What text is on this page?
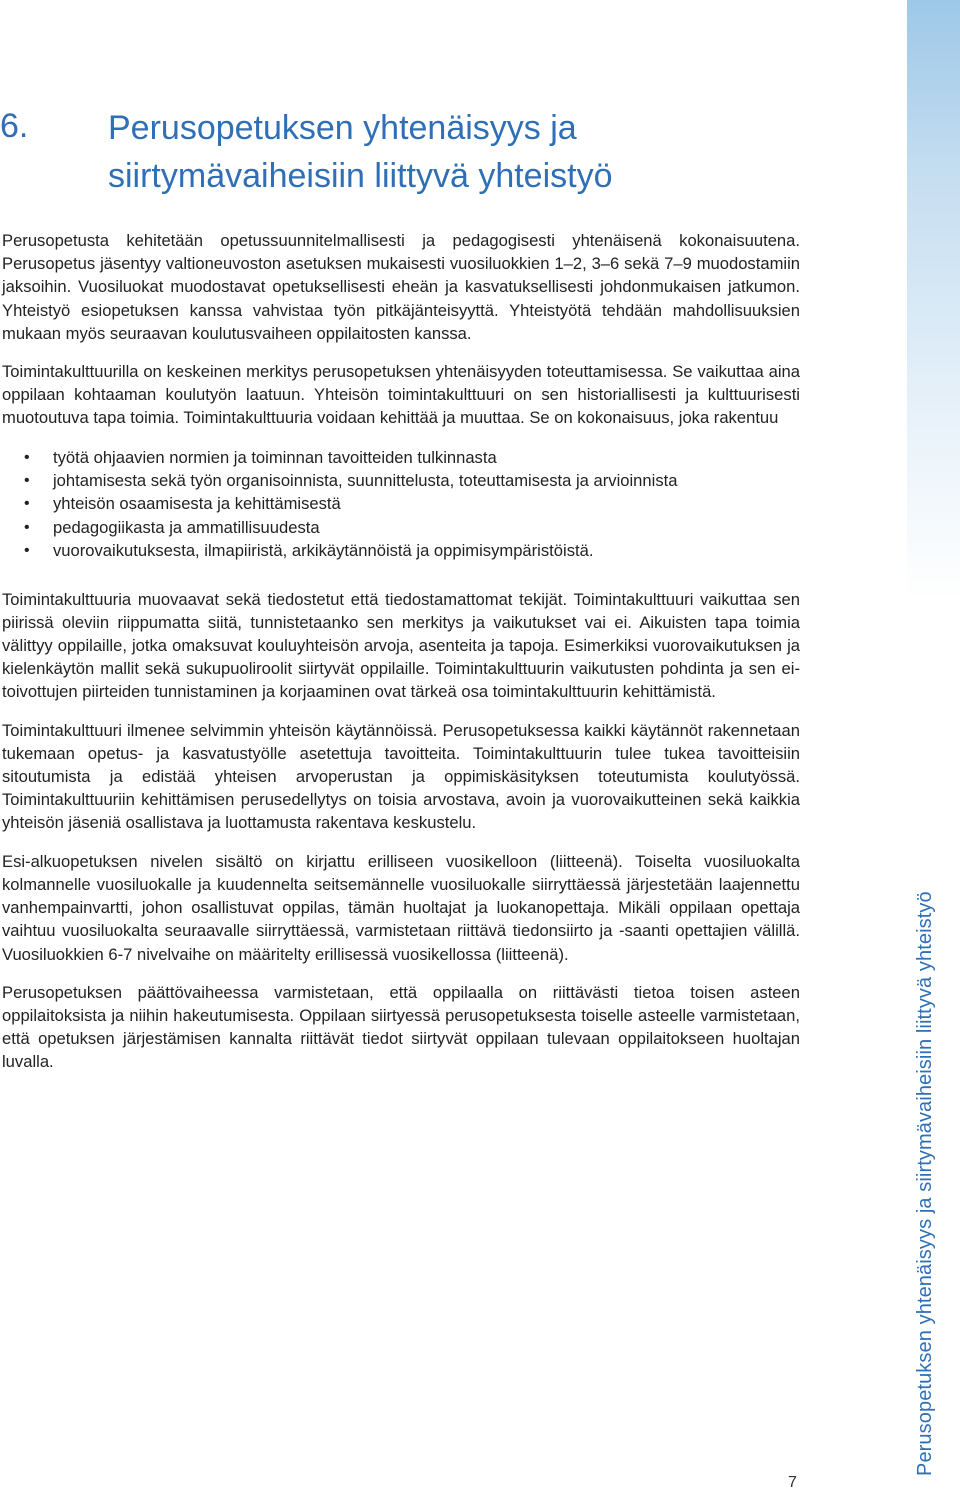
Perusopetuksen yhtenäisyys ja siirtymävaiheisiin liittyvä yhteistyö
6. Perusopetuksen yhtenäisyys ja
siirtymävaiheisiin liittyvä yhteistyö

Perusopetusta kehitetään opetussuunnitelmallisesti ja pedagogisesti yhtenäisenä kokonaisuutena. Perusopetus jäsentyy valtioneuvoston asetuksen mukaisesti vuosiluokkien 1–2, 3–6 sekä 7–9 muodostamiin jaksoihin. Vuosiluokat muodostavat opetuksellisesti eheän ja kasvatuksellisesti johdonmukaisen jatkumon. Yhteistyö esiopetuksen kanssa vahvistaa työn pitkäjänteisyyttä. Yhteistyötä tehdään mahdollisuuksien mukaan myös seuraavan koulutusvaiheen oppilaitosten kanssa.

Toimintakulttuurilla on keskeinen merkitys perusopetuksen yhtenäisyyden toteuttamisessa. Se vaikuttaa aina oppilaan kohtaaman koulutyön laatuun. Yhteisön toimintakulttuuri on sen historiallisesti ja kulttuurisesti muotoutuva tapa toimia. Toimintakulttuuria voidaan kehittää ja muuttaa. Se on kokonaisuus, joka rakentuu

• työtä ohjaavien normien ja toiminnan tavoitteiden tulkinnasta
• johtamisesta sekä työn organisoinnista, suunnittelusta, toteuttamisesta ja arvioinnista
• yhteisön osaamisesta ja kehittämisestä
• pedagogiikasta ja ammatillisuudesta
• vuorovaikutuksesta, ilmapiiristä, arkikäytännöistä ja oppimisympäristöistä.

Toimintakulttuuria muovaavat sekä tiedostetut että tiedostamattomat tekijät. Toimintakulttuuri vaikuttaa sen piirissä oleviin riippumatta siitä, tunnistetaanko sen merkitys ja vaikutukset vai ei. Aikuisten tapa toimia välittyy oppilaille, jotka omaksuvat kouluyhteisön arvoja, asenteita ja tapoja. Esimerkiksi vuorovaikutuksen ja kielenkäytön mallit sekä sukupuoliroolit siirtyvät oppilaille. Toimintakulttuurin vaikutusten pohdinta ja sen ei-toivottujen piirteiden tunnistaminen ja korjaaminen ovat tärkeä osa toimintakulttuurin kehittämistä.

Toimintakulttuuri ilmenee selvimmin yhteisön käytännöissä. Perusopetuksessa kaikki käytännöt rakennetaan tukemaan opetus- ja kasvatustyölle asetettuja tavoitteita. Toimintakulttuurin tulee tukea tavoitteisiin sitoutumista ja edistää yhteisen arvoperustan ja oppimiskäsityksen toteutumista koulutyössä. Toimintakulttuuriin kehittämisen perusedellytys on toisia arvostava, avoin ja vuorovaikutteinen sekä kaikkia yhteisön jäseniä osallistava ja luottamusta rakentava keskustelu.

Esi-alkuopetuksen nivelen sisältö on kirjattu erilliseen vuosikelloon (liitteenä). Toiselta vuosiluokalta kolmannelle vuosiluokalle ja kuudennelta seitsemännelle vuosiluokalle siirryttäessä järjestetään laajennettu vanhempainvartti, johon osallistuvat oppilas, tämän huoltajat ja luokanopettaja. Mikäli oppilaan opettaja vaihtuu vuosiluokalta seuraavalle siirryttäessä, varmistetaan riittävä tiedonsiirto ja -saanti opettajien välillä. Vuosiluokkien 6-7 nivelvaihe on määritelty erillisessä vuosikellossa (liitteenä).

Perusopetuksen päättövaiheessa varmistetaan, että oppilaalla on riittävästi tietoa toisen asteen oppilaitoksista ja niihin hakeutumisesta. Oppilaan siirtyessä perusopetuksesta toiselle asteelle varmistetaan, että opetuksen järjestämisen kannalta riittävät tiedot siirtyvät oppilaan tulevaan oppilaitokseen huoltajan luvalla.

7
